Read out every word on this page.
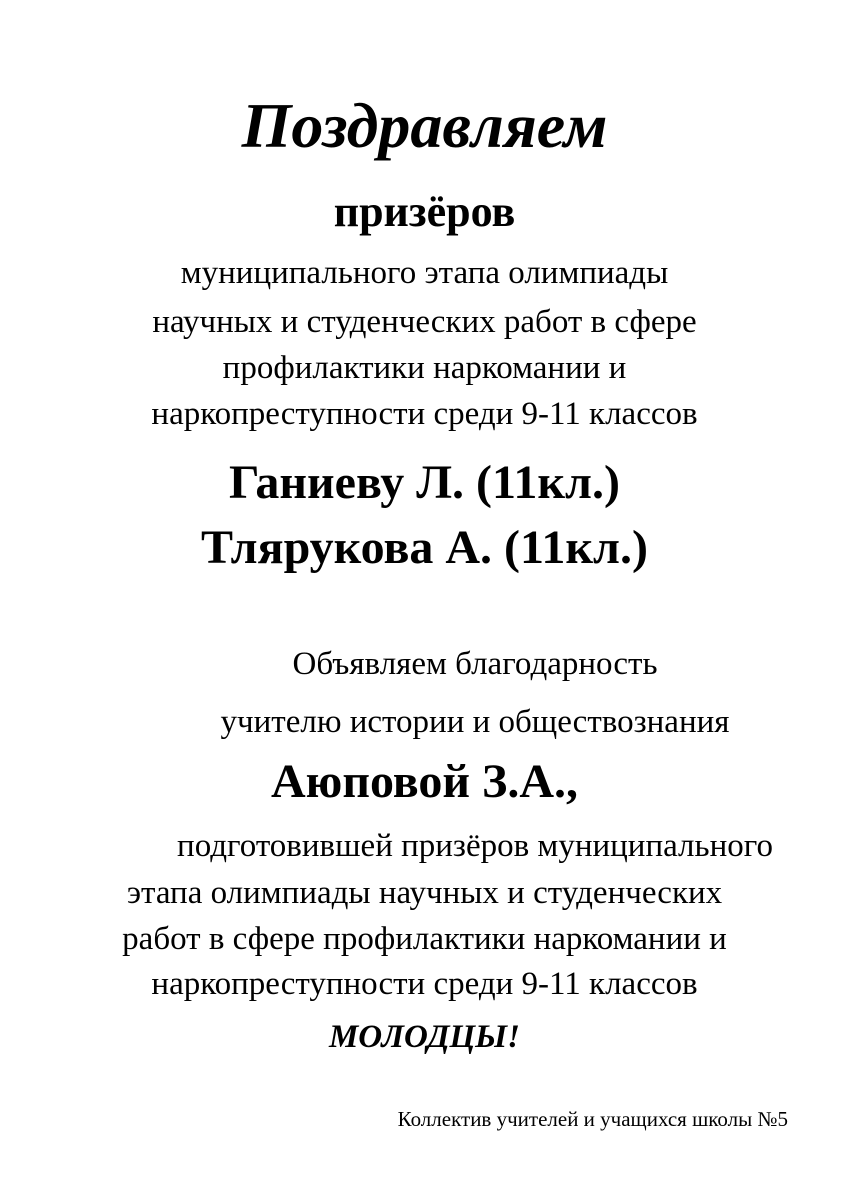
Поздравляем
призёров
муниципального этапа олимпиады
научных и студенческих работ в сфере
профилактики наркомании и
наркопреступности среди 9-11 классов
Ганиеву Л. (11кл.)
Тлярукова А. (11кл.)
Объявляем благодарность
учителю истории и обществознания
Аюповой З.А.,
подготовившей призёров муниципального
этапа олимпиады научных и студенческих
работ в сфере профилактики наркомании и
наркопреступности среди 9-11 классов
МОЛОДЦЫ!
Коллектив учителей и учащихся школы №5
